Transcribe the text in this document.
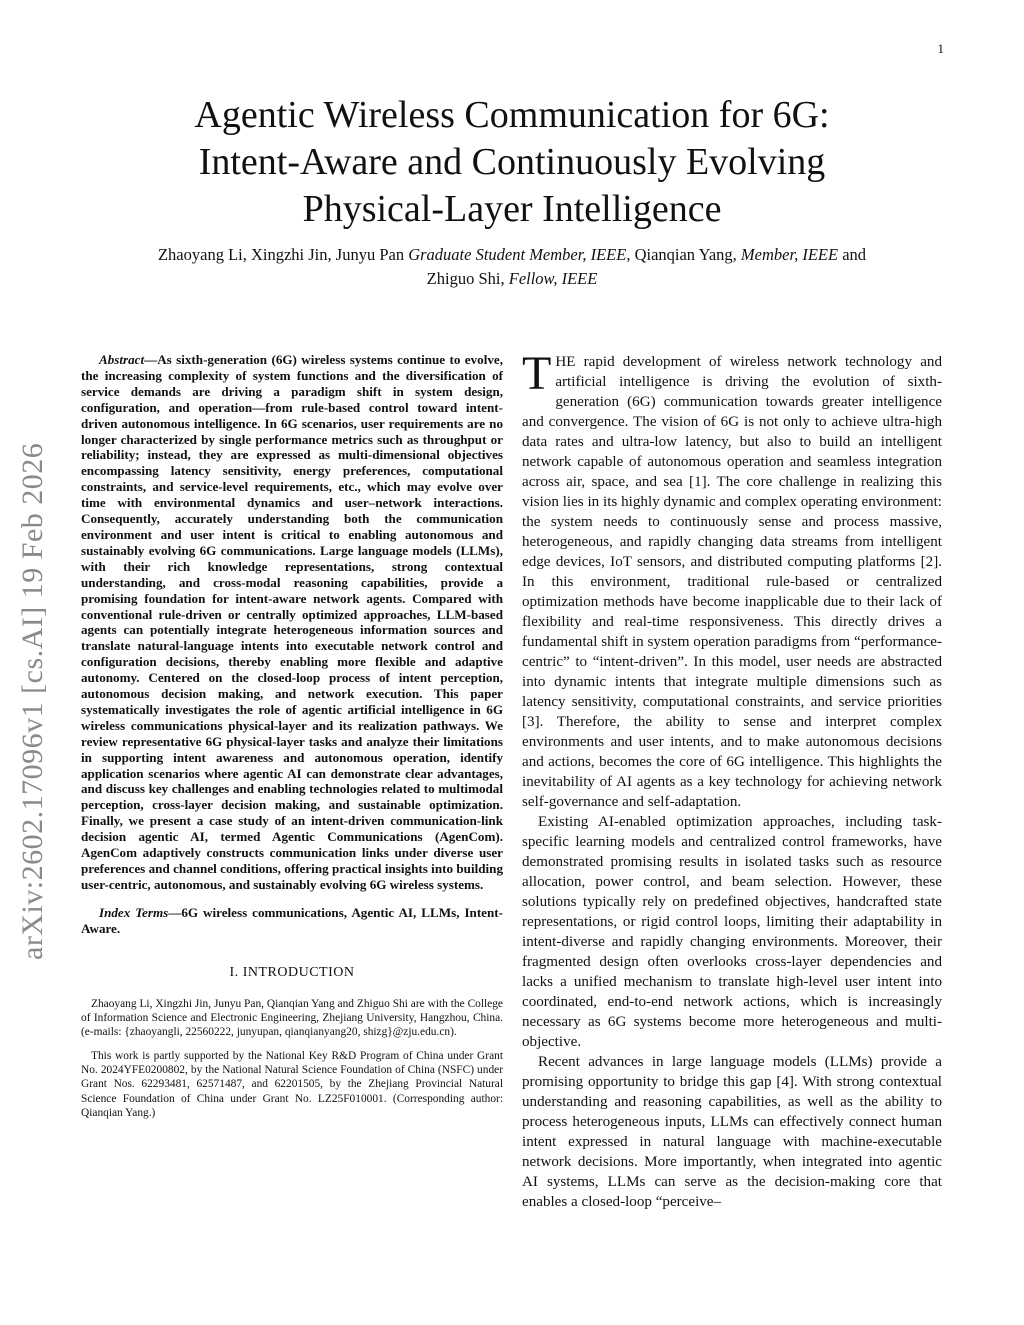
1
Agentic Wireless Communication for 6G:
Intent-Aware and Continuously Evolving
Physical-Layer Intelligence
Zhaoyang Li, Xingzhi Jin, Junyu Pan Graduate Student Member, IEEE, Qianqian Yang, Member, IEEE and
Zhiguo Shi, Fellow, IEEE
arXiv:2602.17096v1 [cs.AI] 19 Feb 2026

Abstract—As sixth-generation (6G) wireless systems continue to evolve, the increasing complexity of system functions and the diversification of service demands are driving a paradigm shift in system design, configuration, and operation—from rule-based control toward intent-driven autonomous intelligence. In 6G scenarios, user requirements are no longer characterized by single performance metrics such as throughput or reliability; instead, they are expressed as multi-dimensional objectives encompassing latency sensitivity, energy preferences, computational constraints, and service-level requirements, etc., which may evolve over time with environmental dynamics and user–network interactions. Consequently, accurately understanding both the communication environment and user intent is critical to enabling autonomous and sustainably evolving 6G communications. Large language models (LLMs), with their rich knowledge representations, strong contextual understanding, and cross-modal reasoning capabilities, provide a promising foundation for intent-aware network agents. Compared with conventional rule-driven or centrally optimized approaches, LLM-based agents can potentially integrate heterogeneous information sources and translate natural-language intents into executable network control and configuration decisions, thereby enabling more flexible and adaptive autonomy. Centered on the closed-loop process of intent perception, autonomous decision making, and network execution. This paper systematically investigates the role of agentic artificial intelligence in 6G wireless communications physical-layer and its realization pathways. We review representative 6G physical-layer tasks and analyze their limitations in supporting intent awareness and autonomous operation, identify application scenarios where agentic AI can demonstrate clear advantages, and discuss key challenges and enabling technologies related to multimodal perception, cross-layer decision making, and sustainable optimization. Finally, we present a case study of an intent-driven communication-link decision agentic AI, termed Agentic Communications (AgenCom). AgenCom adaptively constructs communication links under diverse user preferences and channel conditions, offering practical insights into building user-centric, autonomous, and sustainably evolving 6G wireless systems.

Index Terms—6G wireless communications, Agentic AI, LLMs, Intent-Aware.

I. INTRODUCTION

Zhaoyang Li, Xingzhi Jin, Junyu Pan, Qianqian Yang and Zhiguo Shi are with the College of Information Science and Electronic Engineering, Zhejiang University, Hangzhou, China. (e-mails: {zhaoyangli, 22560222, junyupan, qianqianyang20, shizg}@zju.edu.cn).

This work is partly supported by the National Key R&D Program of China under Grant No. 2024YFE0200802, by the National Natural Science Foundation of China (NSFC) under Grant Nos. 62293481, 62571487, and 62201505, by the Zhejiang Provincial Natural Science Foundation of China under Grant No. LZ25F010001. (Corresponding author: Qianqian Yang.)

THE rapid development of wireless network technology and artificial intelligence is driving the evolution of sixth-generation (6G) communication towards greater intelligence and convergence. The vision of 6G is not only to achieve ultra-high data rates and ultra-low latency, but also to build an intelligent network capable of autonomous operation and seamless integration across air, space, and sea [1]. The core challenge in realizing this vision lies in its highly dynamic and complex operating environment: the system needs to continuously sense and process massive, heterogeneous, and rapidly changing data streams from intelligent edge devices, IoT sensors, and distributed computing platforms [2]. In this environment, traditional rule-based or centralized optimization methods have become inapplicable due to their lack of flexibility and real-time responsiveness. This directly drives a fundamental shift in system operation paradigms from “performance-centric” to “intent-driven”. In this model, user needs are abstracted into dynamic intents that integrate multiple dimensions such as latency sensitivity, computational constraints, and service priorities [3]. Therefore, the ability to sense and interpret complex environments and user intents, and to make autonomous decisions and actions, becomes the core of 6G intelligence. This highlights the inevitability of AI agents as a key technology for achieving network self-governance and self-adaptation.

Existing AI-enabled optimization approaches, including task-specific learning models and centralized control frameworks, have demonstrated promising results in isolated tasks such as resource allocation, power control, and beam selection. However, these solutions typically rely on predefined objectives, handcrafted state representations, or rigid control loops, limiting their adaptability in intent-diverse and rapidly changing environments. Moreover, their fragmented design often overlooks cross-layer dependencies and lacks a unified mechanism to translate high-level user intent into coordinated, end-to-end network actions, which is increasingly necessary as 6G systems become more heterogeneous and multi-objective.

Recent advances in large language models (LLMs) provide a promising opportunity to bridge this gap [4]. With strong contextual understanding and reasoning capabilities, as well as the ability to process heterogeneous inputs, LLMs can effectively connect human intent expressed in natural language with machine-executable network decisions. More importantly, when integrated into agentic AI systems, LLMs can serve as the decision-making core that enables a closed-loop “perceive–
